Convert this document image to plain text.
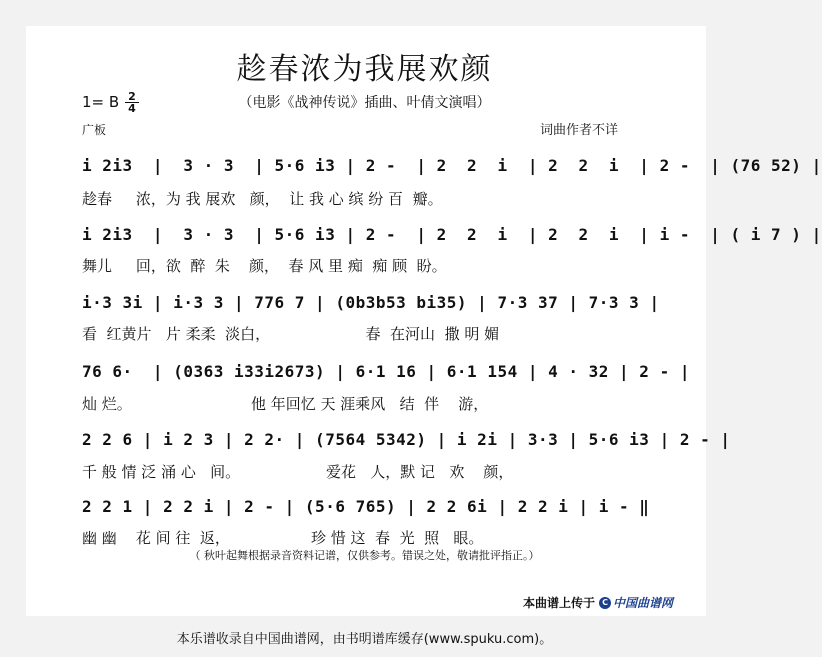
趁春浓为我展欢颜
（电影《战神传说》插曲、叶倩文演唱）
1= B $\frac{2}{4}$
广板	词曲作者不详
i 2i3  |  3 · 3  | 5·6 i3 | 2 -  | 2  2  i  | 2  2  i  | 2 -  | (76 52) |
趁春     浓，为 我 展欢   颜，  让 我 心 缤 纷 百  瓣。
i 2i3  |  3 · 3  | 5·6 i3 | 2 -  | 2  2  i  | 2  2  i  | i -  | ( i 7 ) |
舞儿     回，欲  醉  朱    颜，  春 风 里 痴  痴 顾  盼。
i·3 3i | i·3 3 | 776 7 | (0b3b53 bi35) | 7·3 37 | 7·3 3 |
看  红黄片   片 柔柔  淡白，                    春  在河山  撒 明 媚
76 6·  | (0363 i33i2673) | 6·1 16 | 6·1 154 | 4 · 32 | 2 - |
灿 烂。                         他 年回忆 天 涯乘风   结  伴    游，
2 2 6 | i 2 3 | 2 2· | (7564 5342) | i 2i | 3·3 | 5·6 i3 | 2 - |
千 般 情 泛 涌 心   间。                  爱花   人，默 记   欢    颜，
2 2 1 | 2 2 i | 2 - | (5·6 765) | 2 2 6i | 2 2 i | i - ‖
幽 幽    花 间 往  返，                 珍 惜 这  春  光  照   眼。
（ 秋叶起舞根据录音资料记谱，仅供参考。错误之处，敬请批评指正。）
本曲谱上传于 C 中国曲谱网
本乐谱收录自中国曲谱网，由书明谱库缓存(www.spuku.com)。
